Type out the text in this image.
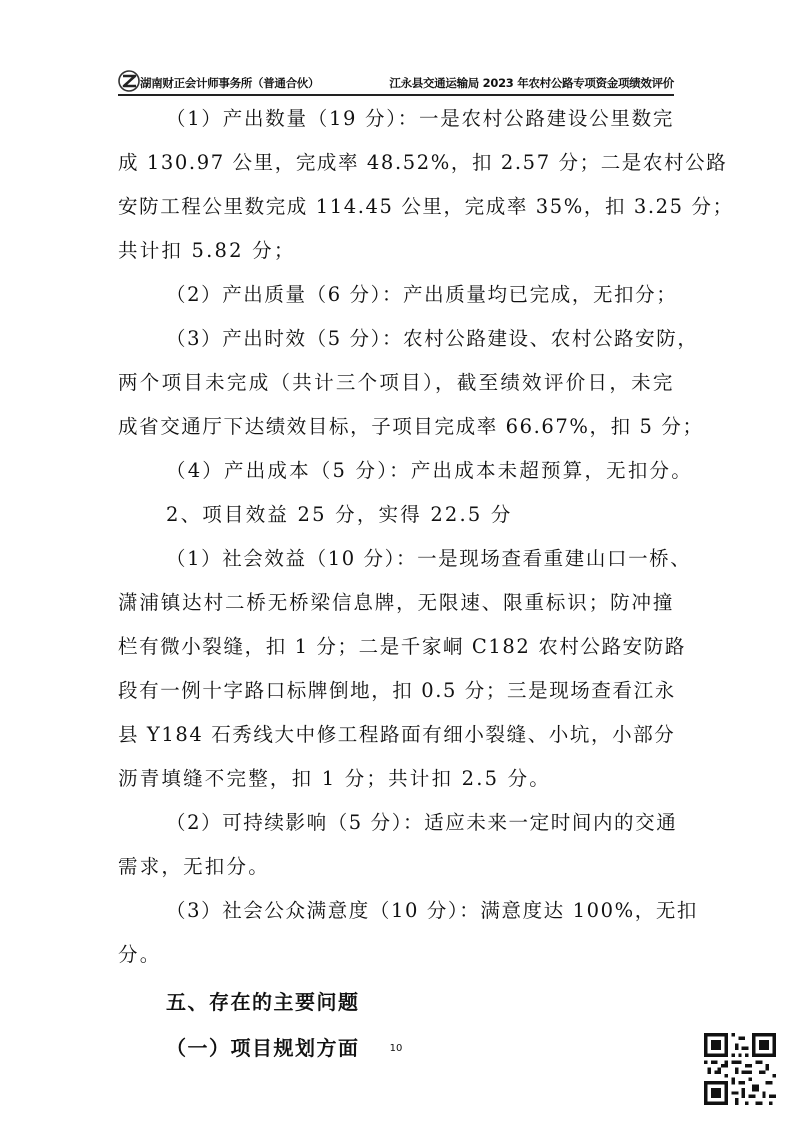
湖南财正会计师事务所（普通合伙）	江永县交通运输局 2023 年农村公路专项资金项绩效评价
（1）产出数量（19 分）：一是农村公路建设公里数完
成 130.97 公里，完成率 48.52%，扣 2.57 分；二是农村公路
安防工程公里数完成 114.45 公里，完成率 35%，扣 3.25 分；
共计扣 5.82 分；
（2）产出质量（6 分）：产出质量均已完成，无扣分；
（3）产出时效（5 分）：农村公路建设、农村公路安防，
两个项目未完成（共计三个项目），截至绩效评价日，未完
成省交通厅下达绩效目标，子项目完成率 66.67%，扣 5 分；
（4）产出成本（5 分）：产出成本未超预算，无扣分。
2、项目效益 25 分，实得 22.5 分
（1）社会效益（10 分）：一是现场查看重建山口一桥、
潇浦镇达村二桥无桥梁信息牌，无限速、限重标识；防冲撞
栏有微小裂缝，扣 1 分；二是千家峒 C182 农村公路安防路
段有一例十字路口标牌倒地，扣 0.5 分；三是现场查看江永
县 Y184 石秀线大中修工程路面有细小裂缝、小坑，小部分
沥青填缝不完整，扣 1 分；共计扣 2.5 分。
（2）可持续影响（5 分）：适应未来一定时间内的交通
需求，无扣分。
（3）社会公众满意度（10 分）：满意度达 100%，无扣
分。
五、存在的主要问题
（一）项目规划方面	10
